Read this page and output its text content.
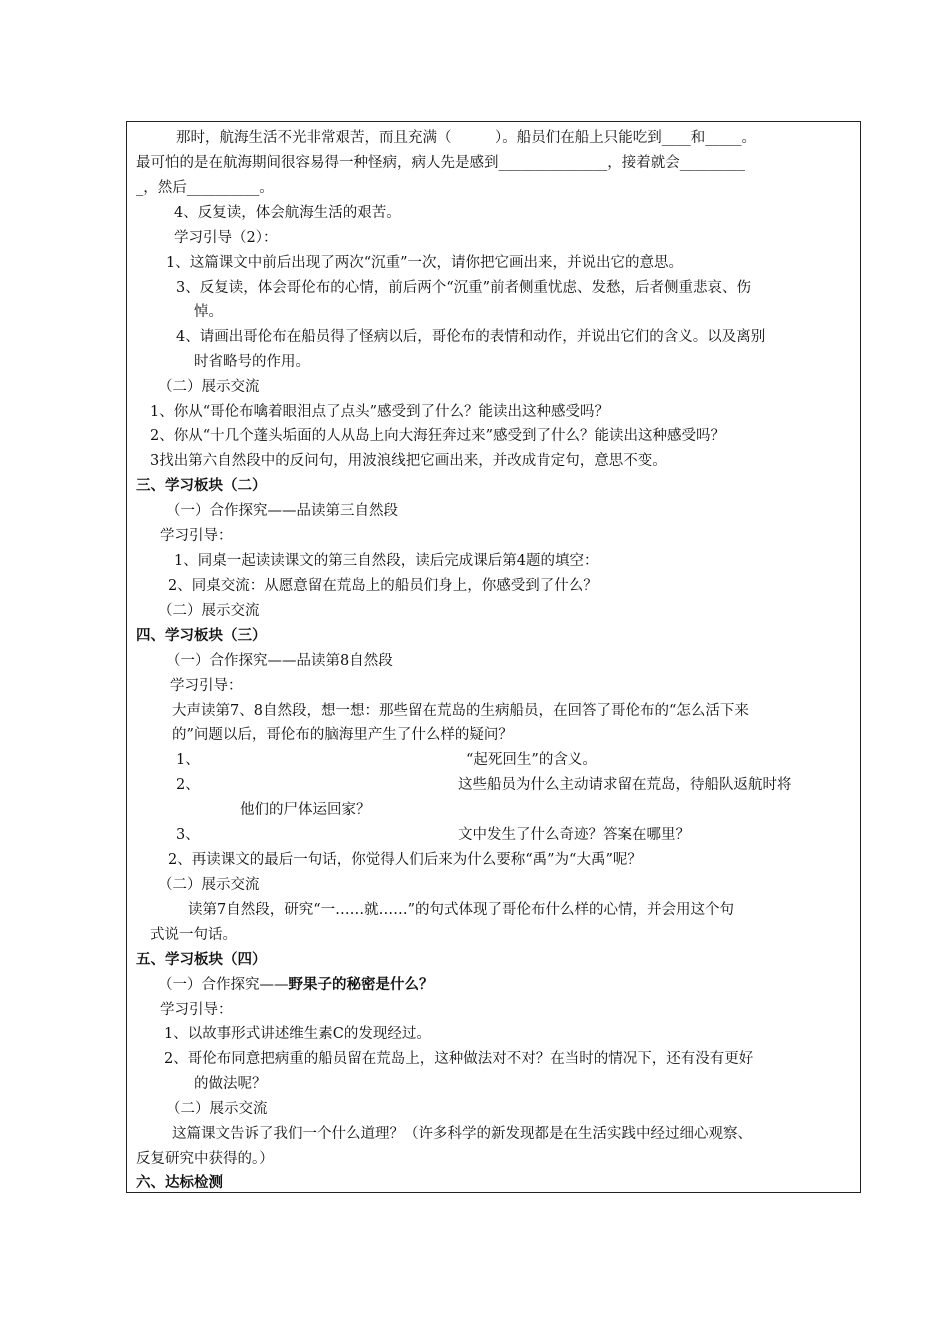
那时，航海生活不光非常艰苦，而且充满（　　　）。船员们在船上只能吃到____和_____。
最可怕的是在航海期间很容易得一种怪病，病人先是感到_______________，接着就会_________
_，然后__________。
4、反复读，体会航海生活的艰苦。
学习引导（2）：
1、这篇课文中前后出现了两次“沉重”一次，请你把它画出来，并说出它的意思。
3、反复读，体会哥伦布的心情，前后两个“沉重”前者侧重忧虑、发愁，后者侧重悲哀、伤
悼。
4、请画出哥伦布在船员得了怪病以后，哥伦布的表情和动作，并说出它们的含义。以及离别
时省略号的作用。
（二）展示交流
1、你从“哥伦布噙着眼泪点了点头”感受到了什么？能读出这种感受吗？
2、你从“十几个蓬头垢面的人从岛上向大海狂奔过来”感受到了什么？能读出这种感受吗？
3找出第六自然段中的反问句，用波浪线把它画出来，并改成肯定句，意思不变。
三、学习板块（二）
（一）合作探究——品读第三自然段
学习引导：
1、同桌一起读读课文的第三自然段，读后完成课后第4题的填空：
2、同桌交流：从愿意留在荒岛上的船员们身上，你感受到了什么？
（二）展示交流
四、学习板块（三）
（一）合作探究——品读第8自然段
学习引导：
大声读第7、8自然段，想一想：那些留在荒岛的生病船员，在回答了哥伦布的“怎么活下来
的”问题以后，哥伦布的脑海里产生了什么样的疑问？
1、	“起死回生”的含义。
2、	这些船员为什么主动请求留在荒岛，待船队返航时将
他们的尸体运回家？
3、	文中发生了什么奇迹？答案在哪里？
2、再读课文的最后一句话，你觉得人们后来为什么要称“禹”为“大禹”呢？
（二）展示交流
读第7自然段，研究“一……就……”的句式体现了哥伦布什么样的心情，并会用这个句
式说一句话。
五、学习板块（四）
（一）合作探究——野果子的秘密是什么？
学习引导：
1、以故事形式讲述维生素C的发现经过。
2、哥伦布同意把病重的船员留在荒岛上，这种做法对不对？在当时的情况下，还有没有更好
的做法呢？
（二）展示交流
这篇课文告诉了我们一个什么道理？（许多科学的新发现都是在生活实践中经过细心观察、
反复研究中获得的。）
六、达标检测
